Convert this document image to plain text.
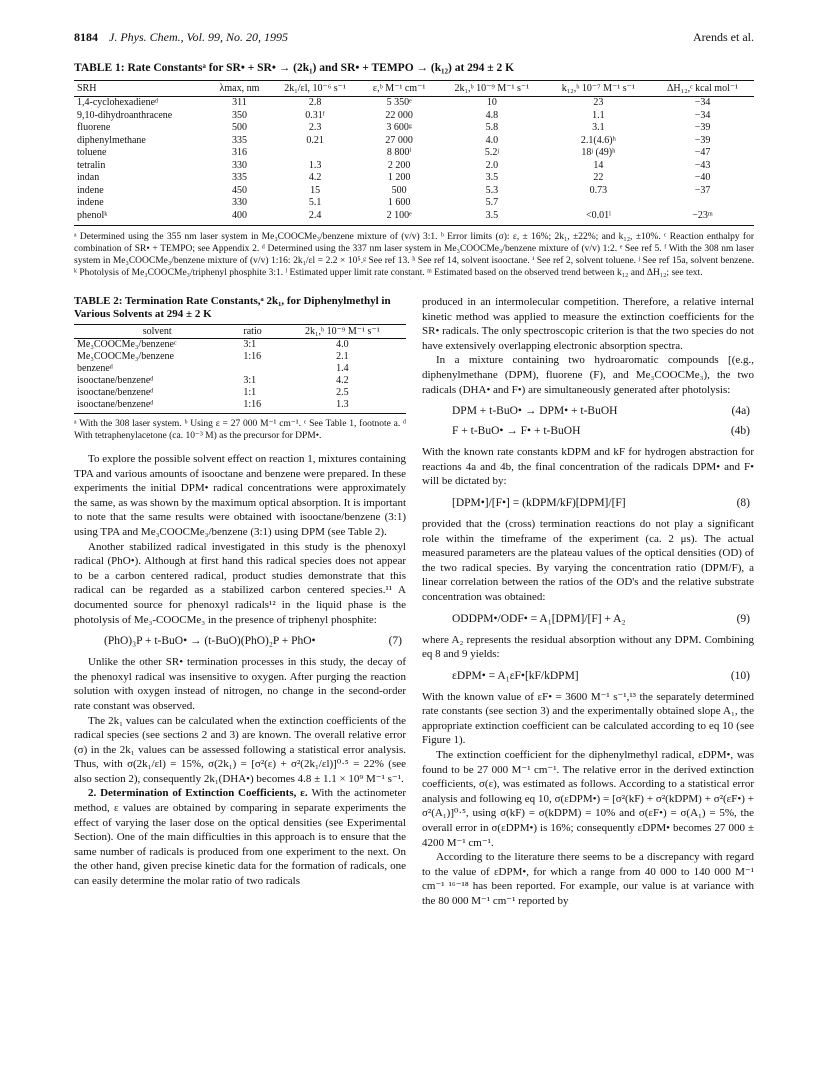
8184 J. Phys. Chem., Vol. 99, No. 20, 1995	Arends et al.
TABLE 1: Rate Constantsᵃ for SR• + SR• → (2k₁) and SR• + TEMPO → (k₁₂) at 294 ± 2 K
SRH	λmax, nm	2k₁/εl, 10⁻⁶ s⁻¹	ε,ᵇ M⁻¹ cm⁻¹	2k₁,ᵇ 10⁻⁹ M⁻¹ s⁻¹	k₁₂,ᵇ 10⁻⁷ M⁻¹ s⁻¹	ΔH₁₂,ᶜ kcal mol⁻¹
1,4-cyclohexadieneᵈ	311	2.8	5 350ᵉ	10	23	−34
9,10-dihydroanthracene	350	0.31ᶠ	22 000	4.8	1.1	−34
fluorene	500	2.3	3 600ᵍ	5.8	3.1	−39
diphenylmethane	335	0.21	27 000	4.0	2.1(4.6)ʰ	−39
toluene	316		8 800ⁱ	5.2ʲ	18ʲ (49)ʰ	−47
tetralin	330	1.3	2 200	2.0	14	−43
indan	335	4.2	1 200	3.5	22	−40
indene	450	15	500	5.3	0.73	−37
indene	330	5.1	1 600	5.7		
phenolᵏ	400	2.4	2 100ᵉ	3.5	<0.01ˡ	−23ᵐ
ᵃ Determined using the 355 nm laser system in Me₃COOCMe₃/benzene mixture of (v/v) 3:1. ᵇ Error limits (σ): ε, ± 16%; 2k₁, ±22%; and k₁₂, ±10%. ᶜ Reaction enthalpy for combination of SR• + TEMPO; see Appendix 2. ᵈ Determined using the 337 nm laser system in Me₃COOCMe₃/benzene mixture of (v/v) 1:2. ᵉ See ref 5. ᶠ With the 308 nm laser system in Me₃COOCMe₃/benzene mixture of (v/v) 1:16: 2k₁/εl = 2.2 × 10⁵.ᵍ See ref 13. ʰ See ref 14, solvent isooctane. ⁱ See ref 2, solvent toluene. ʲ See ref 15a, solvent benzene. ᵏ Photolysis of Me₃COOCMe₃/triphenyl phosphite 3:1. ˡ Estimated upper limit rate constant. ᵐ Estimated based on the observed trend between k₁₂ and ΔH₁₂; see text.
TABLE 2: Termination Rate Constants,ᵃ 2k₁, for Diphenylmethyl in Various Solvents at 294 ± 2 K
solvent	ratio	2k₁,ᵇ 10⁻⁹ M⁻¹ s⁻¹
Me₃COOCMe₃/benzeneᶜ	3:1	4.0
Me₃COOCMe₃/benzene	1:16	2.1
benzeneᵈ		1.4
isooctane/benzeneᵈ	3:1	4.2
isooctane/benzeneᵈ	1:1	2.5
isooctane/benzeneᵈ	1:16	1.3
ᵃ With the 308 laser system. ᵇ Using ε = 27 000 M⁻¹ cm⁻¹. ᶜ See Table 1, footnote a. ᵈ With tetraphenylacetone (ca. 10⁻³ M) as the precursor for DPM•.

To explore the possible solvent effect on reaction 1, mixtures containing TPA and various amounts of isooctane and benzene were prepared. In these experiments the initial DPM• radical concentrations were approximately the same, as was shown by the maximum optical absorption. It is important to note that the same results were obtained with isooctane/benzene (3:1) using TPA and Me₃COOCMe₃/benzene (3:1) using DPM (see Table 2).

Another stabilized radical investigated in this study is the phenoxyl radical (PhO•). Although at first hand this radical species does not appear to be a carbon centered radical, product studies demonstrate that this radical can be regarded as a stabilized carbon centered species.¹¹ A documented source for phenoxyl radicals¹² in the liquid phase is the photolysis of Me₃-COOCMe₃ in the presence of triphenyl phosphite:

(PhO)₃P + t-BuO• → (t-BuO)(PhO)₂P + PhO•	(7)

Unlike the other SR• termination processes in this study, the decay of the phenoxyl radical was insensitive to oxygen. After purging the reaction solution with oxygen instead of nitrogen, no change in the second-order rate constant was observed.

The 2k₁ values can be calculated when the extinction coefficients of the radical species (see sections 2 and 3) are known. The overall relative error (σ) in the 2k₁ values can be assessed following a statistical error analysis. Thus, with σ(2k₁/εl) = 15%, σ(2k₁) = [σ²(ε) + σ²(2k₁/εl)]⁰·⁵ = 22% (see also section 2), consequently 2k₁(DHA•) becomes 4.8 ± 1.1 × 10⁹ M⁻¹ s⁻¹.

2. Determination of Extinction Coefficients, ε. With the actinometer method, ε values are obtained by comparing in separate experiments the effect of varying the laser dose on the optical densities (see Experimental Section). One of the main difficulties in this approach is to ensure that the same number of radicals is produced from one experiment to the next. On the other hand, given precise kinetic data for the formation of radicals, one can easily determine the molar ratio of two radicals

produced in an intermolecular competition. Therefore, a relative internal kinetic method was applied to measure the extinction coefficients for the SR• radicals. The only spectroscopic criterion is that the two species do not have extensively overlapping electronic absorption spectra.

In a mixture containing two hydroaromatic compounds [(e.g., diphenylmethane (DPM), fluorene (F), and Me₃COOCMe₃), the two radicals (DHA• and F•) are simultaneously generated after photolysis:

DPM + t-BuO• → DPM• + t-BuOH	(4a)
F + t-BuO• → F• + t-BuOH	(4b)

With the known rate constants kDPM and kF for hydrogen abstraction for reactions 4a and 4b, the final concentration of the radicals DPM• and F• will be dictated by:

[DPM•]/[F•] = (kDPM/kF)[DPM]/[F]	(8)

provided that the (cross) termination reactions do not play a significant role within the timeframe of the experiment (ca. 2 μs). The actual measured parameters are the plateau values of the optical densities (OD) of the two radical species. By varying the concentration ratio (DPM/F), a linear correlation between the ratios of the OD's and the relative substrate concentration was obtained:

ODDPM•/ODF• = A₁[DPM]/[F] + A₂	(9)

where A₂ represents the residual absorption without any DPM. Combining eq 8 and 9 yields:

εDPM• = A₁εF•[kF/kDPM]	(10)

With the known value of εF• = 3600 M⁻¹ s⁻¹,¹³ the separately determined rate constants (see section 3) and the experimentally obtained slope A₁, the appropriate extinction coefficient can be calculated according to eq 10 (see Figure 1).

The extinction coefficient for the diphenylmethyl radical, εDPM•, was found to be 27 000 M⁻¹ cm⁻¹. The relative error in the derived extinction coefficients, σ(ε), was estimated as follows. According to a statistical error analysis and following eq 10, σ(εDPM•) = [σ²(kF) + σ²(kDPM) + σ²(εF•) + σ²(A₁)]⁰·⁵, using σ(kF) = σ(kDPM) = 10% and σ(εF•) = σ(A₁) = 5%, the overall error in σ(εDPM•) is 16%; consequently εDPM• becomes 27 000 ± 4200 M⁻¹ cm⁻¹.

According to the literature there seems to be a discrepancy with regard to the value of εDPM•, for which a range from 40 000 to 140 000 M⁻¹ cm⁻¹ ¹⁶⁻¹⁸ has been reported. For example, our value is at variance with the 80 000 M⁻¹ cm⁻¹ reported by
